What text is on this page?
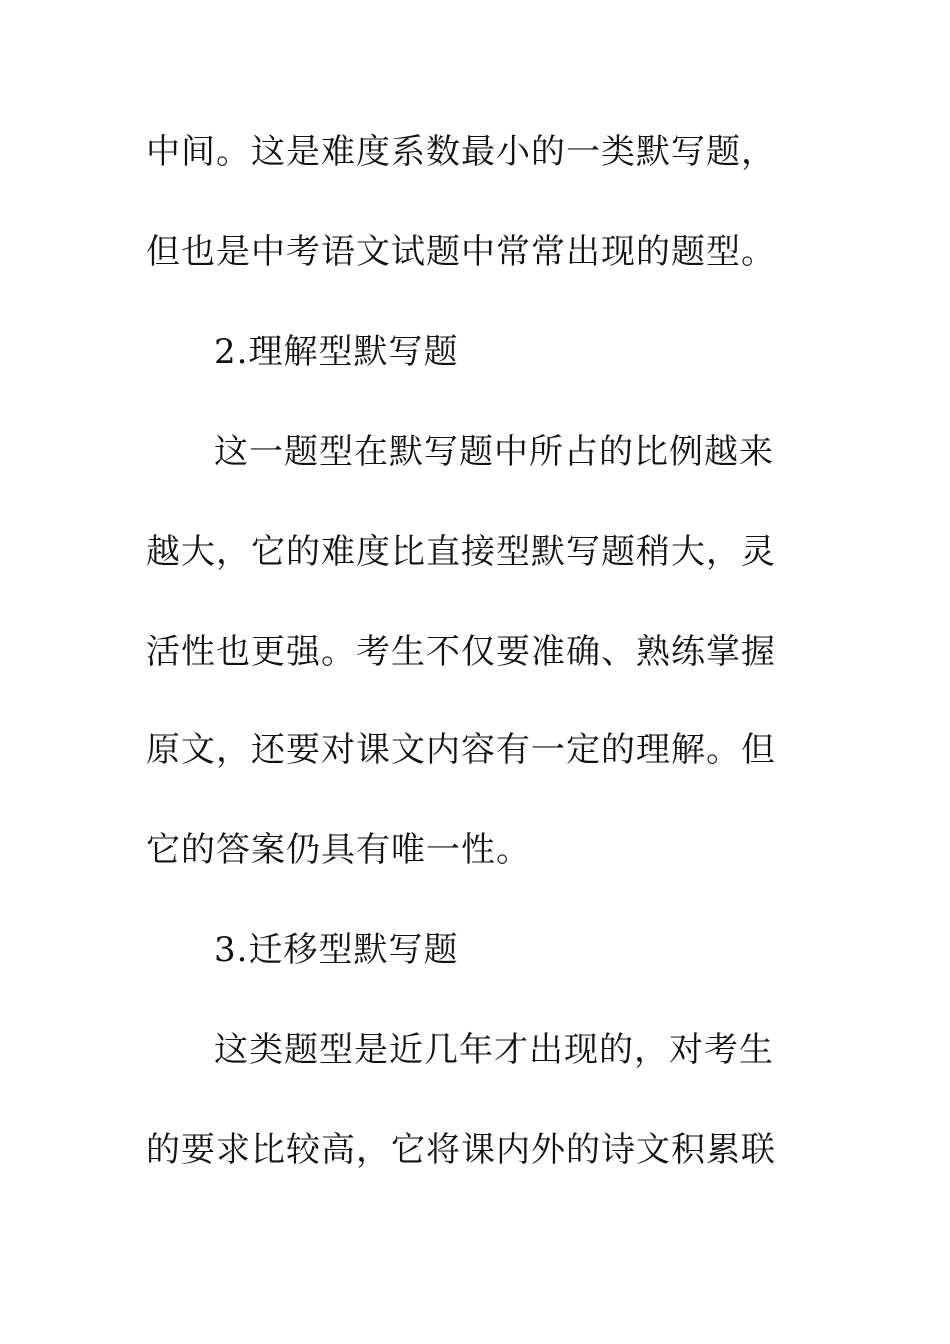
中间。这是难度系数最小的一类默写题，
但也是中考语文试题中常常出现的题型。
2.理解型默写题
这一题型在默写题中所占的比例越来
越大，它的难度比直接型默写题稍大，灵
活性也更强。考生不仅要准确、熟练掌握
原文，还要对课文内容有一定的理解。但
它的答案仍具有唯一性。
3.迁移型默写题
这类题型是近几年才出现的，对考生
的要求比较高，它将课内外的诗文积累联
